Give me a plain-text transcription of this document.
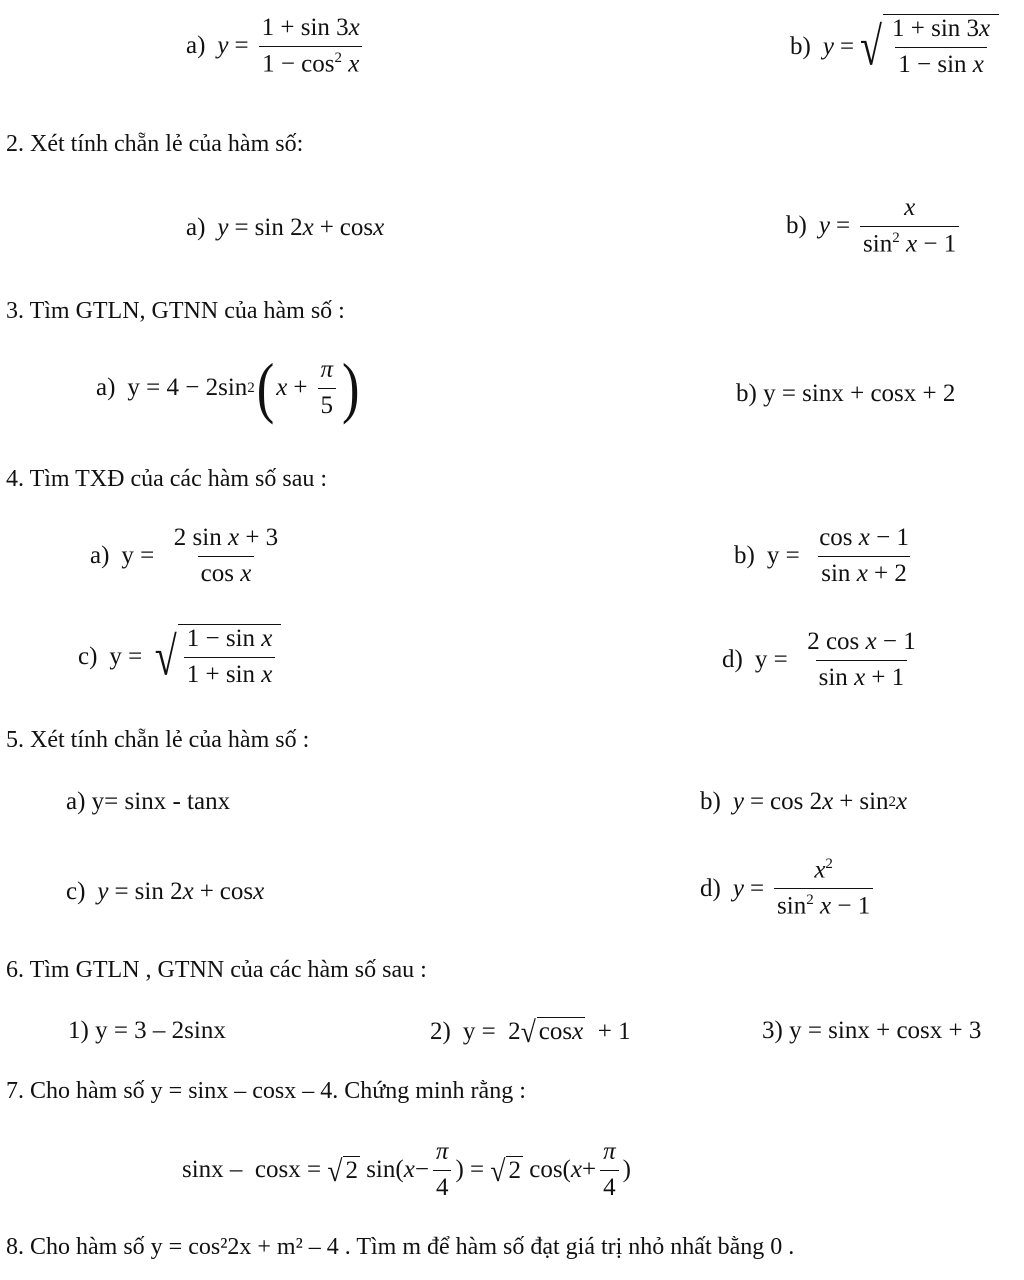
a) $y = \frac{1 + \sin 3x}{1 - \cos^2 x}$	b) y = √ $\frac{1 + \sin 3x}{\text{1 − sin x}}$
2. Xét tính chẵn lẻ của hàm số:
a) y = sin 2 x + cos x	b) $y = \frac{x}{\sin^2 x - 1}$
3. Tìm GTLN, GTNN của hàm số :
a) y = 4 − 2sin 2 ( $x + \frac{\pi}{5}$ )	b) y = sinx + cosx + 2
4. Tìm TXĐ của các hàm số sau :
a) $y = \frac{\text{2 sin x + 3}}{\text{cos x}}$	b) $y = \frac{\text{cos x − 1}}{\text{sin x + 2}}$
c) y = √ $\frac{\text{1 − sin x}}{\text{1 + sin x}}$	d) $y = \frac{\text{2 cos x − 1}}{\text{sin x + 1}}$
5. Xét tính chẵn lẻ của hàm số :
a) y= sinx - tanx	b) y = cos 2 x + sin 2 x
c) y = sin 2 x + cos x	d) $y = \frac{x^2}{\sin^2 x - 1}$
6. Tìm GTLN , GTNN của các hàm số sau :
1) y = 3 – 2sinx	2) y =  2 √ cos x + 1	3) y = sinx + cosx + 3
7. Cho hàm số y = sinx – cosx – 4. Chứng minh rằng :
sinx –  cosx = √ 2 sin( $x - \frac{\pi}{4}$ ) = √ 2 cos( $x + \frac{\pi}{4}$ )
8. Cho hàm số y = cos²2x + m² – 4 . Tìm m để hàm số đạt giá trị nhỏ nhất bằng 0 .
